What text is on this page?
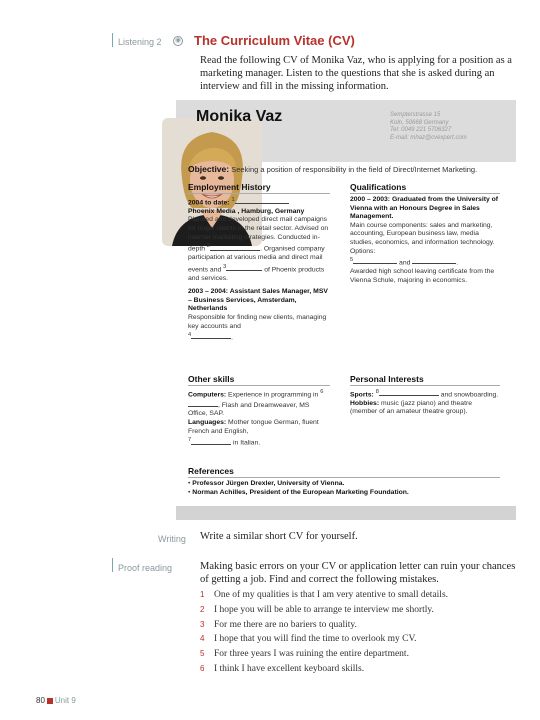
Listening 2 ◉ The Curriculum Vitae (CV)

Read the following CV of Monika Vaz, who is applying for a position as a marketing manager. Listen to the questions that she is asked during an interview and fill in the missing information.

Monika Vaz	Sempterstrasse 15
Koln, 50668 Germany
Tel: 0049 221 5706327
E-mail: mhaz@cvexpert.com
Objective: Seeking a position of responsibility in the field of Direct/Internet Marketing.
Employment History
2004 to date: $^1$
Phoenix Media , Hamburg, Germany
Planned and developed direct mail campaigns for major clients in the retail sector. Advised on internet marketing strategies. Conducted in-depth $^2$	. Organised company participation at various media and direct mail events and $^3$	of Phoenix products and services.
2003 – 2004: Assistant Sales Manager, MSV – Business Services, Amsterdam, Netherlands
Responsible for finding new clients, managing key accounts and
$^4$	.
Qualifications
2000 – 2003: Graduated from the University of Vienna with an Honours Degree in Sales Management.
Main course components: sales and marketing, accounting, European business law, media studies, economics, and information technology. Options:
$^5$	and	.
Awarded high school leaving certificate from the Vienna Schule, majoring in economics.
Other skills
Computers: Experience in programming in $^6$, Flash and Dreamweaver, MS Office, SAP.
Languages: Mother tongue German, fluent French and English,
$^7$	in Italian.
Personal Interests
Sports: $^8$	and snowboarding. Hobbies: music (jazz piano) and theatre (member of an amateur theatre group).
References
• Professor Jürgen Drexler, University of Vienna.
• Norman Achilles, President of the European Marketing Foundation.
Writing Write a similar short CV for yourself.

Proof reading	Making basic errors on your CV or application letter can ruin your chances of getting a job. Find and correct the following mistakes.

1 One of my qualities is that I am very atentive to small details.
2 I hope you will be able to arrange te interview me shortly.
3 For me there are no bariers to quality.
4 I hope that you will find the time to overlook my CV.
5 For three years I was ruining the entire department.
6 I think I have excellent keyboard skills.
80 Unit 9
